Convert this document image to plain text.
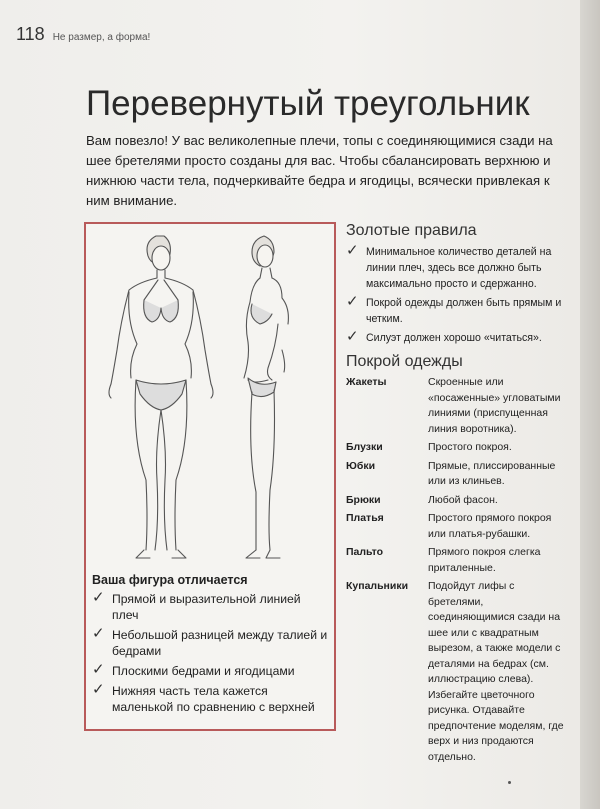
118 Не размер, а форма!
Перевернутый треугольник

Вам повезло! У вас великолепные плечи, топы с соединяющимися сзади на шее бретелями просто созданы для вас. Чтобы сбалансировать верхнюю и нижнюю части тела, подчеркивайте бедра и ягодицы, всячески привлекая к ним внимание.

Ваша фигура отличается

✓ Прямой и выразительной линией плеч
✓ Небольшой разницей между талией и бедрами
✓ Плоскими бедрами и ягодицами
✓ Нижняя часть тела кажется маленькой по сравнению с верхней
Золотые правила
✓ Минимальное количество деталей на линии плеч, здесь все должно быть максимально просто и сдержанно.
✓ Покрой одежды должен быть прямым и четким.
✓ Силуэт должен хорошо «читаться».
Покрой одежды
Жакеты	Скроенные или «посаженные» угловатыми линиями (приспущенная линия воротника).
Блузки	Простого покроя.
Юбки	Прямые, плиссированные или из клиньев.
Брюки	Любой фасон.
Платья	Простого прямого покроя или платья-рубашки.
Пальто	Прямого покроя слегка приталенные.
Купальники	Подойдут лифы с бретелями, соединяющимися сзади на шее или с квадратным вырезом, а также модели с деталями на бедрах (см. иллюстрацию слева). Избегайте цветочного рисунка. Отдавайте предпочтение моделям, где верх и низ продаются отдельно.
